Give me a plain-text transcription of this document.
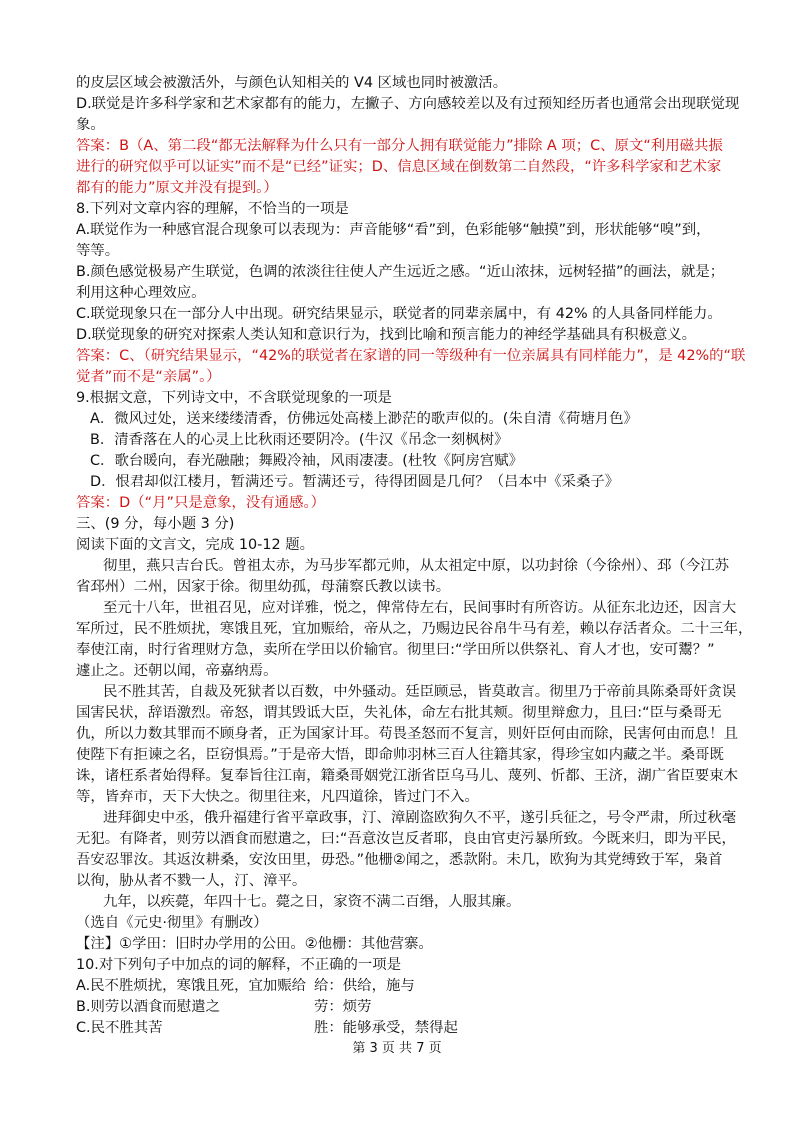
的皮层区域会被激活外，与颜色认知相关的 V4 区域也同时被激活。
D.联觉是许多科学家和艺术家都有的能力，左撇子、方向感较差以及有过预知经历者也通常会出现联觉现
象。
答案：B（A、第二段“都无法解释为什么只有一部分人拥有联觉能力”排除 A 项；C、原文“利用磁共振
进行的研究似乎可以证实”而不是“已经”证实；D、信息区域在倒数第二自然段，“许多科学家和艺术家
都有的能力”原文并没有提到。）
8.下列对文章内容的理解，不恰当的一项是
A.联觉作为一种感官混合现象可以表现为：声音能够“看”到，色彩能够“触摸”到，形状能够“嗅”到，
等等。
B.颜色感觉极易产生联觉，色调的浓淡往往使人产生远近之感。“近山浓抹，远树轻描”的画法，就是；
利用这种心理效应。
C.联觉现象只在一部分人中出现。研究结果显示，联觉者的同辈亲属中，有 42% 的人具备同样能力。
D.联觉现象的研究对探索人类认知和意识行为，找到比喻和预言能力的神经学基础具有积极意义。
答案：C、（研究结果显示，“42%的联觉者在家谱的同一等级种有一位亲属具有同样能力”，是 42%的“联
觉者”而不是“亲属”。）
9.根据文意，下列诗文中，不含联觉现象的一项是
A．微风过处，送来缕缕清香，仿佛远处高楼上渺茫的歌声似的。(朱自清《荷塘月色》
B．清香落在人的心灵上比秋雨还要阴冷。(牛汉《吊念一刻枫树》
C．歌台暖向，春光融融；舞殿冷袖，风雨凄凄。(杜牧《阿房宫赋》
D．恨君却似江楼月，暂满还亏。暂满还亏，待得团圆是几何？（吕本中《采桑子》
答案：D（“月”只是意象，没有通感。）
三、(9 分，每小题 3 分)
阅读下面的文言文，完成 10-12 题。
彻里，燕只吉台氏。曾祖太赤，为马步军都元帅，从太祖定中原，以功封徐（今徐州）、邳（今江苏
省邳州）二州，因家于徐。彻里幼孤，母蒲察氏教以读书。
至元十八年，世祖召见，应对详雅，悦之，俾常侍左右，民间事时有所咨访。从征东北边还，因言大
军所过，民不胜烦扰，寒饿且死，宜加赈给，帝从之，乃赐边民谷帛牛马有差，赖以存活者众。二十三年，
奉使江南，时行省理财方急，卖所在学田以价输官。彻里曰:“学田所以供祭礼、育人才也，安可鬻？”
遽止之。还朝以闻，帝嘉纳焉。
民不胜其苦，自裁及死狱者以百数，中外骚动。廷臣顾忌，皆莫敢言。彻里乃于帝前具陈桑哥奸贪误
国害民状，辞语激烈。帝怒，谓其毁诋大臣，失礼体，命左右批其颊。彻里辩愈力，且曰:“臣与桑哥无
仇，所以力数其罪而不顾身者，正为国家计耳。苟畏圣怒而不复言，则奸臣何由而除，民害何由而息！且
使陛下有拒谏之名，臣窃惧焉。”于是帝大悟，即命帅羽林三百人往籍其家，得珍宝如内藏之半。桑哥既
诛，诸枉系者始得释。复奉旨往江南，籍桑哥姻党江浙省臣乌马儿、蔑列、忻都、王济，湖广省臣要束木
等，皆弃市，天下大快之。彻里往来，凡四道徐，皆过门不入。
进拜御史中丞，俄升福建行省平章政事，汀、漳剧盗欧狗久不平，遂引兵征之，号令严肃，所过秋毫
无犯。有降者，则劳以酒食而慰遣之，曰:“吾意汝岂反者耶，良由官吏污暴所致。今既来归，即为平民，
吾安忍罪汝。其返汝耕桑，安汝田里，毋恐。”他栅②闻之，悉款附。未几，欧狗为其党缚致于军，枭首
以徇，胁从者不戮一人，汀、漳平。
九年，以疾薨，年四十七。薨之日，家资不满二百缗，人服其廉。
（选自《元史·彻里》有删改）
【注】①学田：旧时办学用的公田。②他栅：其他营寨。
10.对下列句子中加点的词的解释，不正确的一项是
A.民不胜烦扰，寒饿且死，宜加赈给 给：供给，施与
B.则劳以酒食而慰遣之	劳：烦劳
C.民不胜其苦	胜：能够承受，禁得起
第 3 页 共 7 页
